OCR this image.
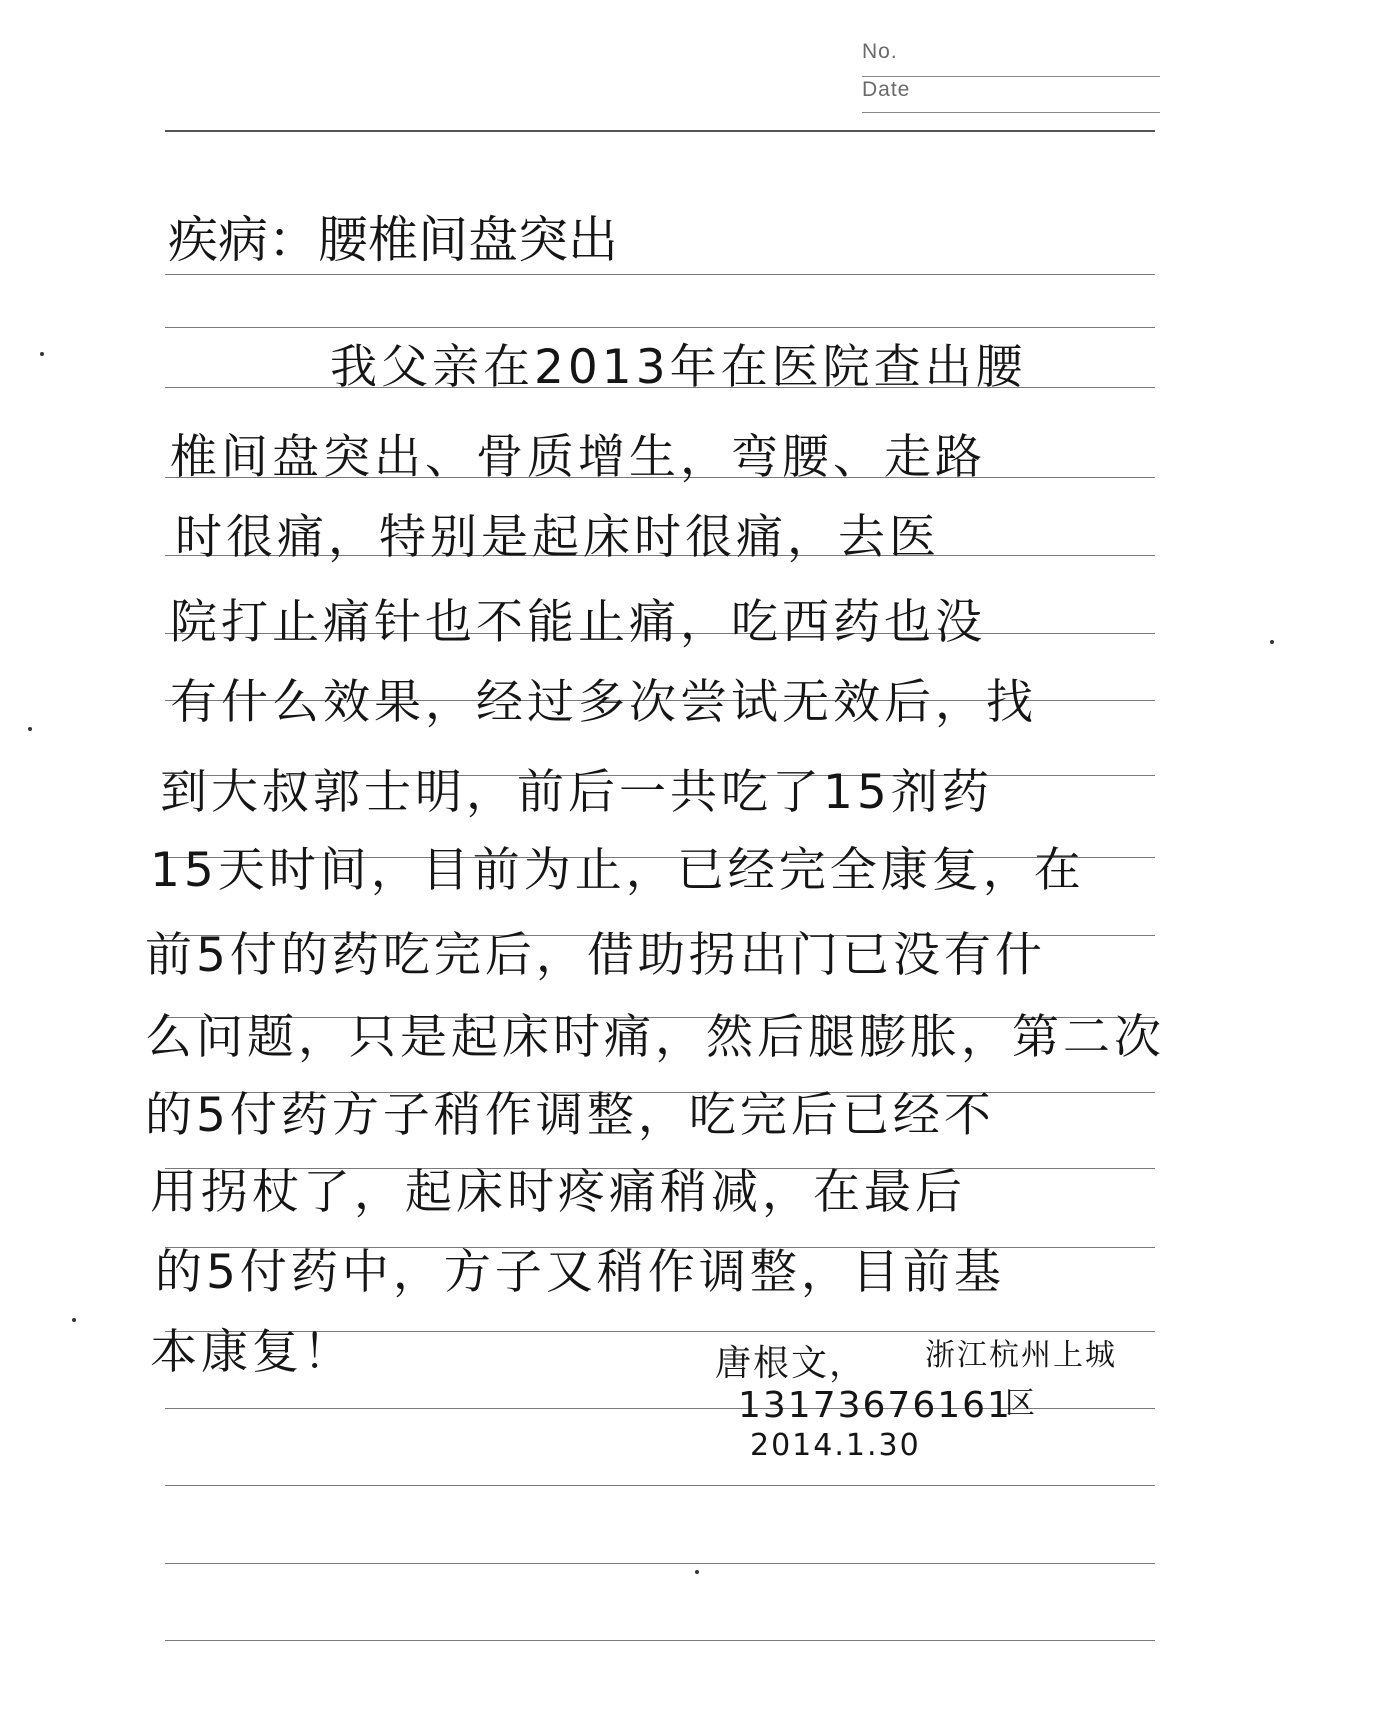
No.
Date
疾病：腰椎间盘突出
我父亲在2013年在医院查出腰
椎间盘突出、骨质增生，弯腰、走路
时很痛，特别是起床时很痛，去医
院打止痛针也不能止痛，吃西药也没
有什么效果，经过多次尝试无效后，找
到大叔郭士明，前后一共吃了15剂药
15天时间，目前为止，已经完全康复，在
前5付的药吃完后，借助拐出门已没有什
么问题，只是起床时痛，然后腿膨胀，第二次
的5付药方子稍作调整，吃完后已经不
用拐杖了，起床时疼痛稍减，在最后
的5付药中，方子又稍作调整，目前基
本康复！	唐根文， 浙江杭州上城
区
13173676161
2014.1.30
